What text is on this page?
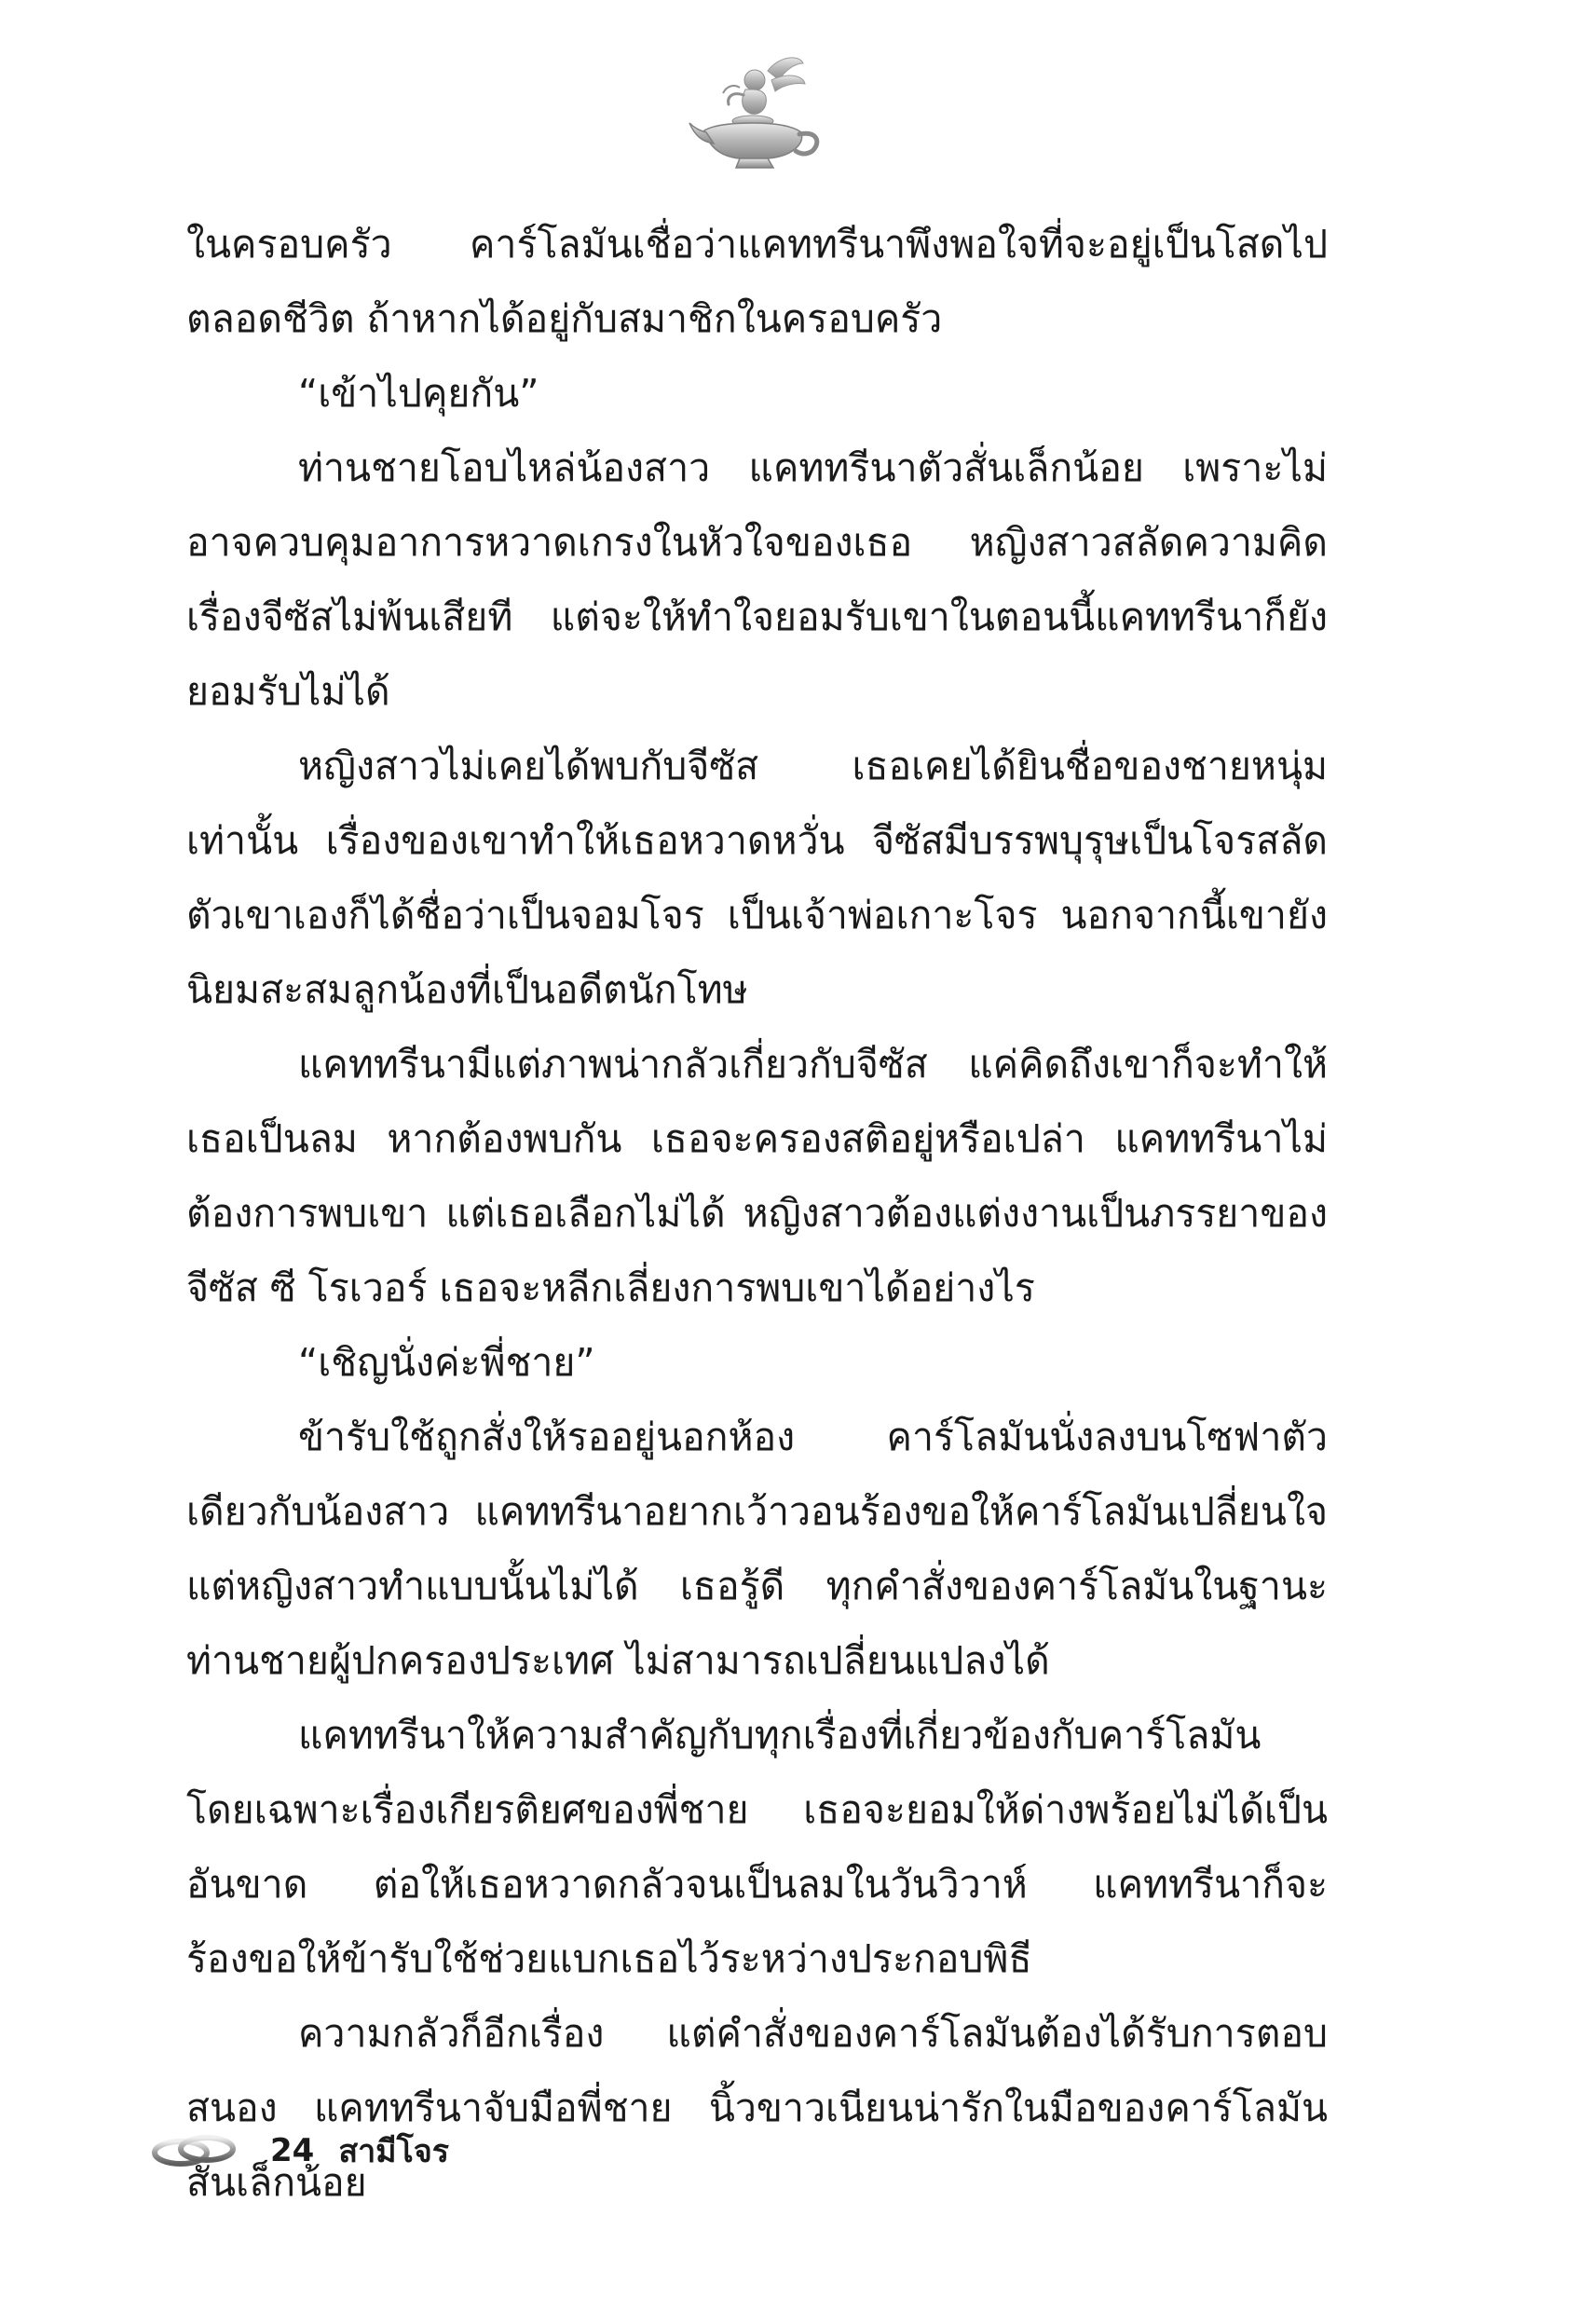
ในครอบครัว คาร์โลมันเชื่อว่าแคททรีนาพึงพอใจที่จะอยู่เป็นโสดไปตลอดชีวิต ถ้าหากได้อยู่กับสมาชิกในครอบครัว

“เข้าไปคุยกัน”

ท่านชายโอบไหล่น้องสาว แคททรีนาตัวสั่นเล็กน้อย เพราะไม่อาจควบคุมอาการหวาดเกรงในหัวใจของเธอ หญิงสาวสลัดความคิดเรื่องจีซัสไม่พ้นเสียที แต่จะให้ทำใจยอมรับเขาในตอนนี้แคททรีนาก็ยังยอมรับไม่ได้

หญิงสาวไม่เคยได้พบกับจีซัส เธอเคยได้ยินชื่อของชายหนุ่มเท่านั้น เรื่องของเขาทำให้เธอหวาดหวั่น จีซัสมีบรรพบุรุษเป็นโจรสลัด ตัวเขาเองก็ได้ชื่อว่าเป็นจอมโจร เป็นเจ้าพ่อเกาะโจร นอกจากนี้เขายังนิยมสะสมลูกน้องที่เป็นอดีตนักโทษ

แคททรีนามีแต่ภาพน่ากลัวเกี่ยวกับจีซัส แค่คิดถึงเขาก็จะทำให้เธอเป็นลม หากต้องพบกัน เธอจะครองสติอยู่หรือเปล่า แคททรีนาไม่ต้องการพบเขา แต่เธอเลือกไม่ได้ หญิงสาวต้องแต่งงานเป็นภรรยาของ จีซัส ซี โรเวอร์ เธอจะหลีกเลี่ยงการพบเขาได้อย่างไร

“เชิญนั่งค่ะพี่ชาย”

ข้ารับใช้ถูกสั่งให้รออยู่นอกห้อง คาร์โลมันนั่งลงบนโซฟาตัวเดียวกับน้องสาว แคททรีนาอยากเว้าวอนร้องขอให้คาร์โลมันเปลี่ยนใจ แต่หญิงสาวทำแบบนั้นไม่ได้ เธอรู้ดี ทุกคำสั่งของคาร์โลมันในฐานะท่านชายผู้ปกครองประเทศ ไม่สามารถเปลี่ยนแปลงได้

แคททรีนาให้ความสำคัญกับทุกเรื่องที่เกี่ยวข้องกับคาร์โลมัน โดยเฉพาะเรื่องเกียรติยศของพี่ชาย เธอจะยอมให้ด่างพร้อยไม่ได้เป็นอันขาด ต่อให้เธอหวาดกลัวจนเป็นลมในวันวิวาห์ แคททรีนาก็จะร้องขอให้ข้ารับใช้ช่วยแบกเธอไว้ระหว่างประกอบพิธี

ความกลัวก็อีกเรื่อง แต่คำสั่งของคาร์โลมันต้องได้รับการตอบสนอง แคททรีนาจับมือพี่ชาย นิ้วขาวเนียนน่ารักในมือของคาร์โลมันสั่นเล็กน้อย

24 สามีโจร
